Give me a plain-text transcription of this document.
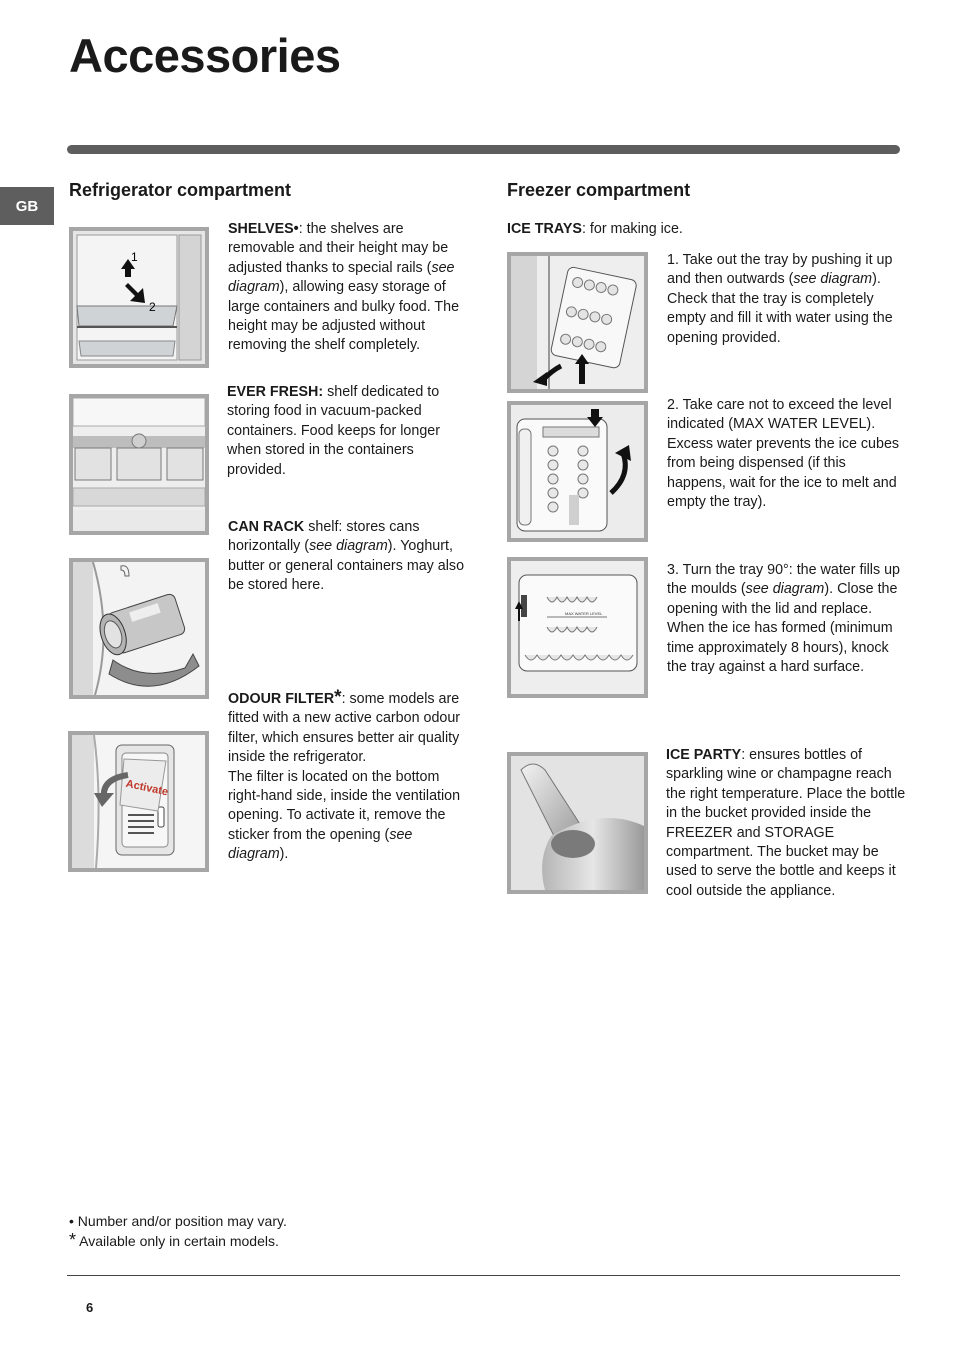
Accessories
GB
Refrigerator compartment
1
2

SHELVES•: the shelves are removable and their height may be adjusted thanks to special rails (see diagram), allowing easy storage of large containers and bulky food. The height may be adjusted without removing the shelf completely.

EVER FRESH: shelf dedicated to storing food in vacuum-packed containers. Food keeps for longer when stored in the containers provided.

CAN RACK shelf: stores cans horizontally (see diagram). Yoghurt, butter or general containers may also be stored here.

Activate

ODOUR FILTER*: some models are fitted with a new active carbon odour filter, which ensures better air quality inside the refrigerator.
The filter is located on the bottom right-hand side, inside the ventilation opening. To activate it, remove the sticker from the opening (see diagram).

Freezer compartment

ICE TRAYS: for making ice.

1. Take out the tray by pushing it up and then outwards (see diagram).
Check that the tray is completely empty and fill it with water using the opening provided.

2. Take care not to exceed the level indicated (MAX WATER LEVEL). Excess water prevents the ice cubes from being dispensed (if this happens, wait for the ice to melt and empty the tray).

MAX WATER LEVEL

3. Turn the tray 90°: the water fills up the moulds (see diagram). Close the opening with the lid and replace. When the ice has formed (minimum time approximately 8 hours), knock the tray against a hard surface.

ICE PARTY: ensures bottles of sparkling wine or champagne reach the right temperature. Place the bottle in the bucket provided inside the FREEZER and STORAGE compartment. The bucket may be used to serve the bottle and keeps it cool outside the appliance.

• Number and/or position may vary.
* Available only in certain models.
6
